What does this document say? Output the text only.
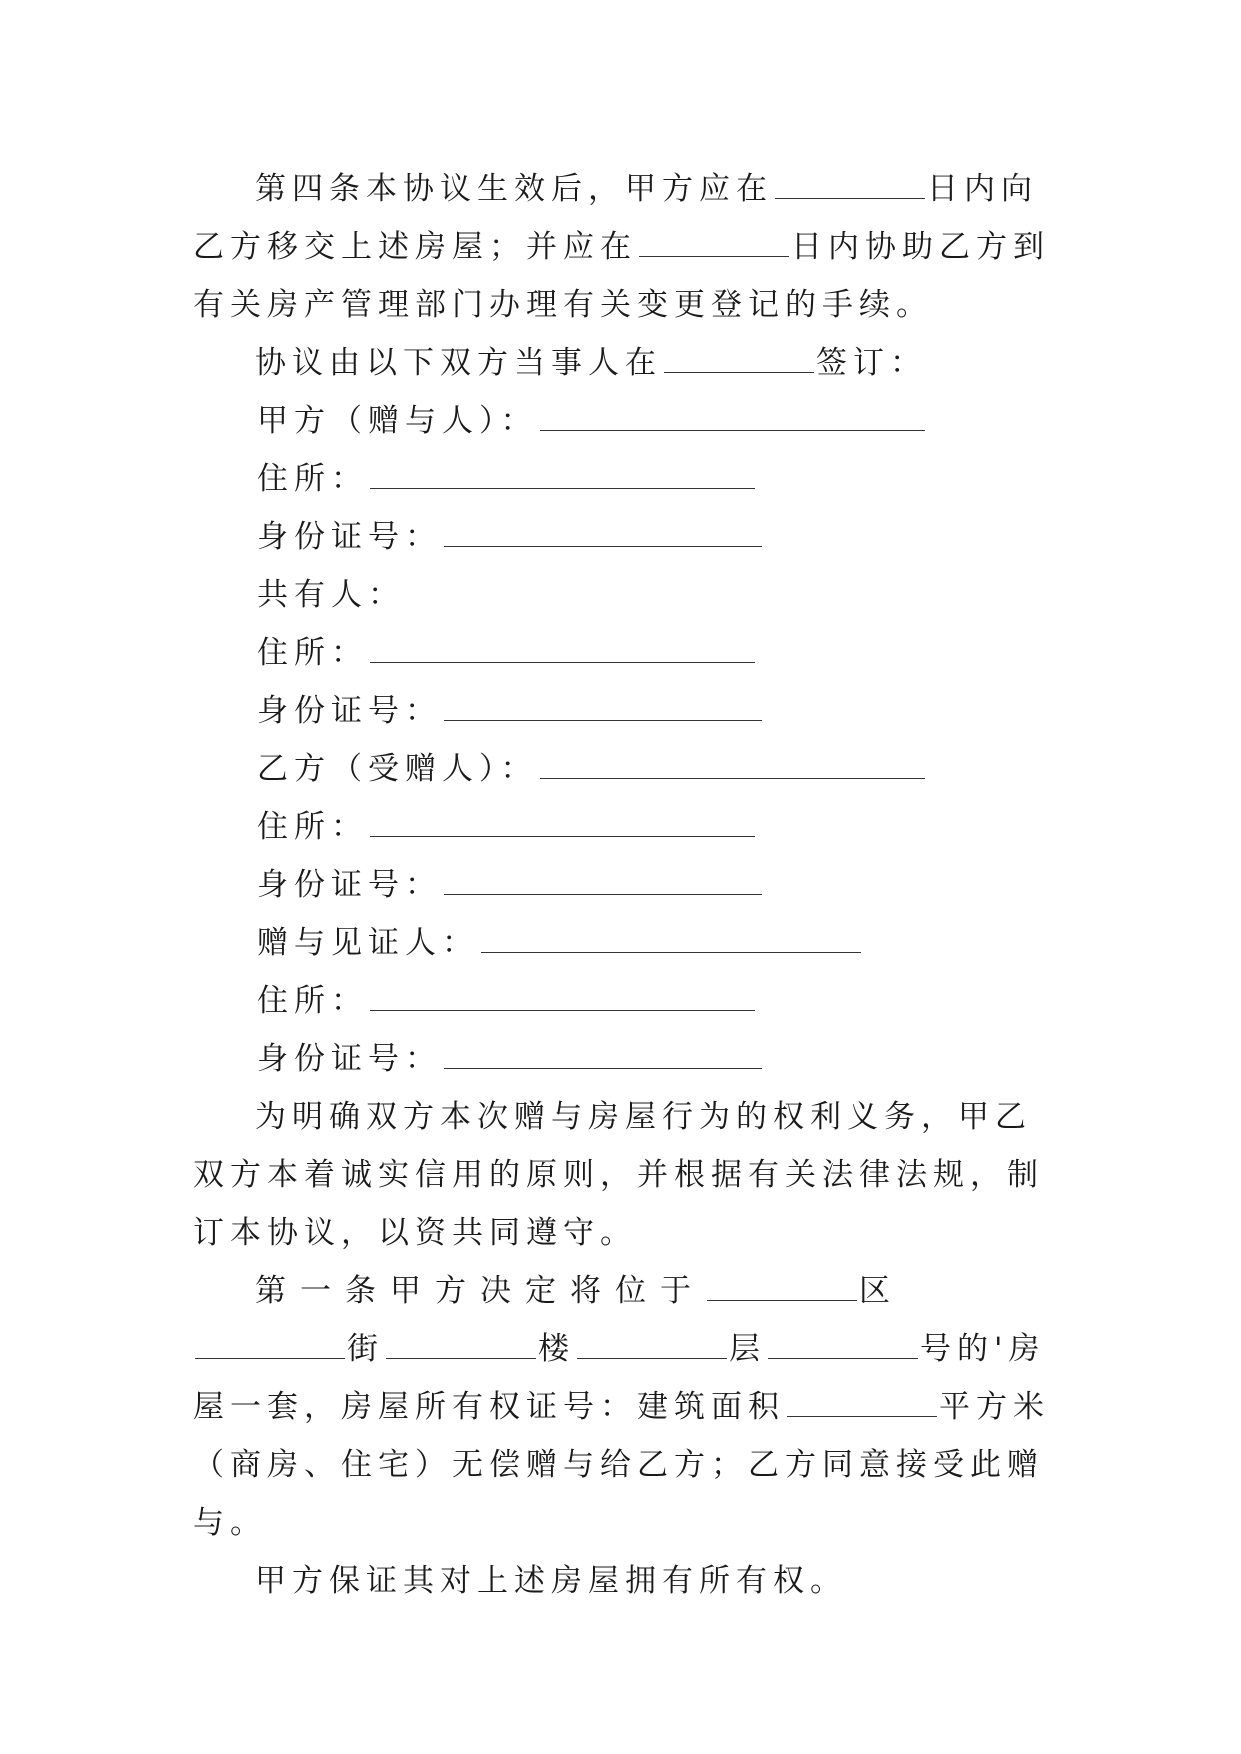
第四条本协议生效后，甲方应在	日内向乙方移交上述房屋；并应在	日内协助乙方到有关房产管理部门办理有关变更登记的手续。

协议由以下双方当事人在	签订：

甲方（赠与人）：

住所：

身份证号：

共有人：

住所：

身份证号：

乙方（受赠人）：

住所：

身份证号：

赠与见证人：

住所：

身份证号：

为明确双方本次赠与房屋行为的权利义务，甲乙双方本着诚实信用的原则，并根据有关法律法规，制订本协议，以资共同遵守。

第一条甲方决定将位于	区街	楼	层	号的'房屋一套，房屋所有权证号：建筑面积	平方米（商房、住宅）无偿赠与给乙方；乙方同意接受此赠与。

甲方保证其对上述房屋拥有所有权。
